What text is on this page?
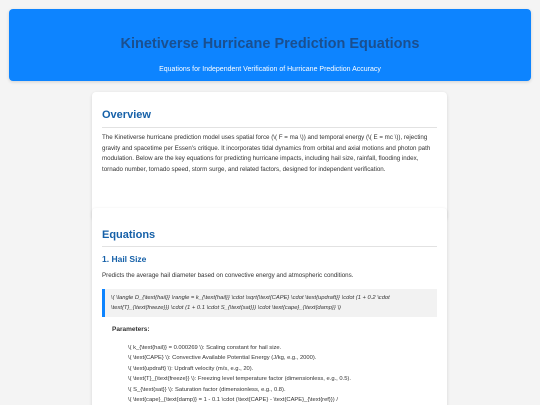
Kinetiverse Hurricane Prediction Equations
Equations for Independent Verification of Hurricane Prediction Accuracy
Overview
The Kinetiverse hurricane prediction model uses spatial force (\( F = ma \)) and temporal energy (\( E = mc \)), rejecting gravity and spacetime per Essen's critique. It incorporates tidal dynamics from orbital and axial motions and photon path modulation. Below are the key equations for predicting hurricane impacts, including hail size, rainfall, flooding index, tornado number, tornado speed, storm surge, and related factors, designed for independent verification.
Equations
1. Hail Size
Predicts the average hail diameter based on convective energy and atmospheric conditions.
\( \langle D_{\text{hail}} \rangle = k_{\text{hail}} \cdot \sqrt{\text{CAPE} \cdot \text{updraft}} \cdot (1 + 0.2 \cdot \text{T}_{\text{freeze}}) \cdot (1 + 0.1 \cdot S_{\text{sat}}) \cdot \text{cape}_{\text{damp}} \)
Parameters:
\( k_{\text{hail}} = 0.000269 \): Scaling constant for hail size.
\( \text{CAPE} \): Convective Available Potential Energy (J/kg, e.g., 2000).
\( \text{updraft} \): Updraft velocity (m/s, e.g., 20).
\( \text{T}_{\text{freeze}} \): Freezing level temperature factor (dimensionless, e.g., 0.5).
\( S_{\text{sat}} \): Saturation factor (dimensionless, e.g., 0.8).
\( \text{cape}_{\text{damp}} = 1 - 0.1 \cdot (\text{CAPE} - \text{CAPE}_{\text{ref}}) /
